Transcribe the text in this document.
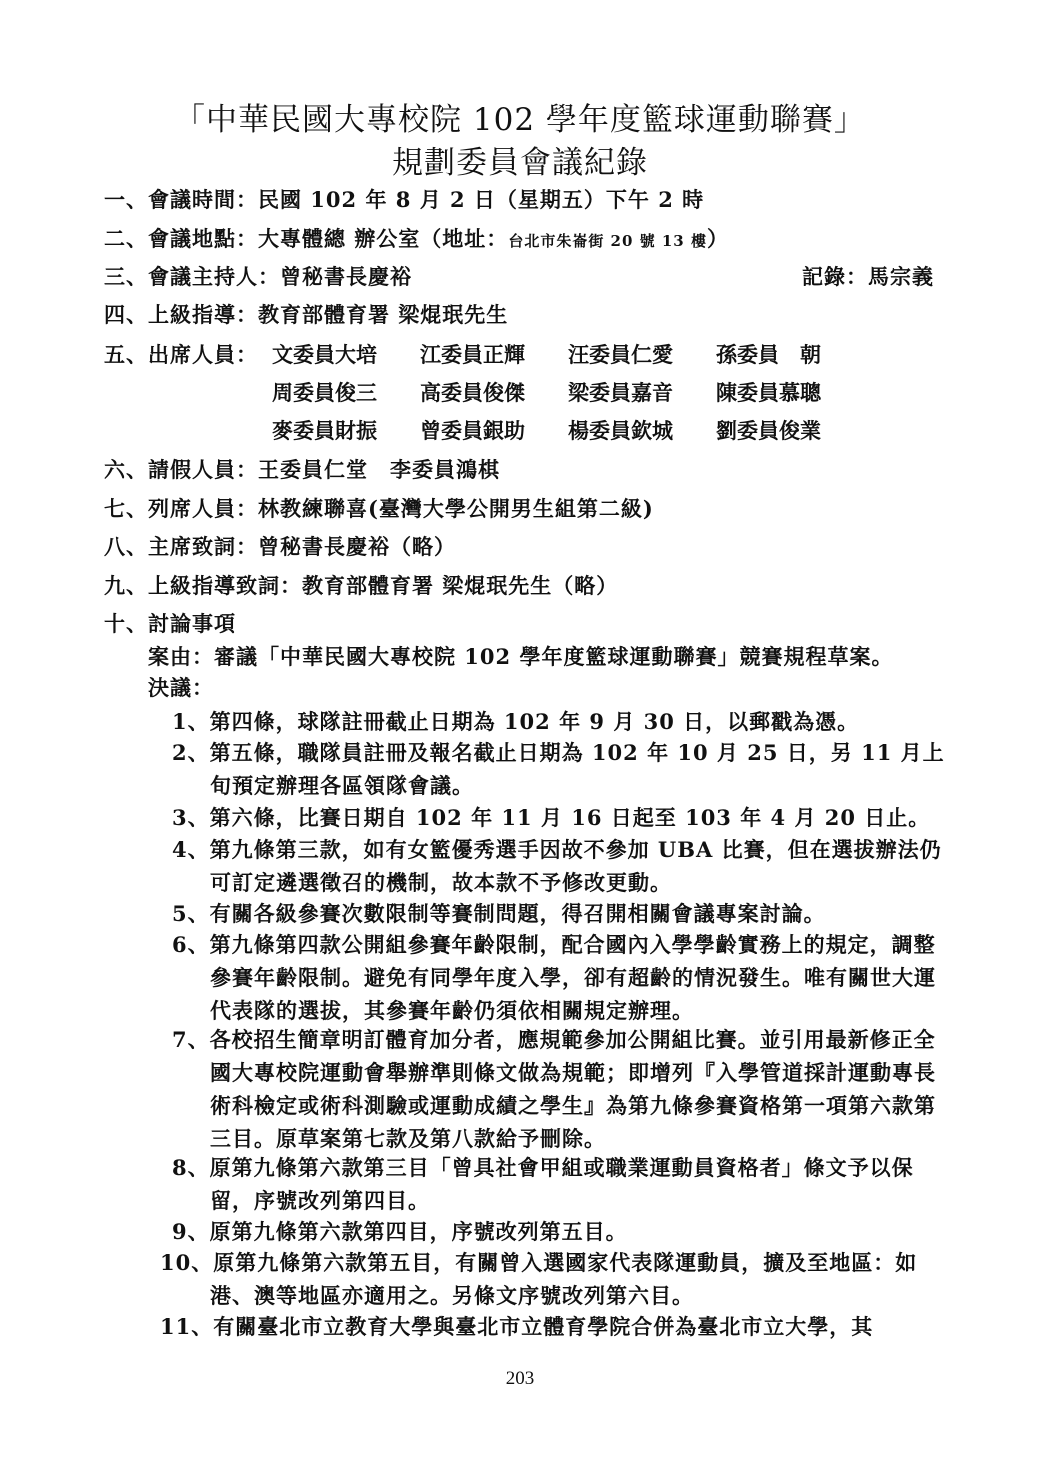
「中華民國大專校院 102 學年度籃球運動聯賽」
規劃委員會議紀錄
一、會議時間：民國 102 年 8 月 2 日（星期五）下午 2 時
二、會議地點：大專體總 辦公室（地址：台北市朱崙街 20 號 13 樓）
三、會議主持人：曾秘書長慶裕	記錄：馬宗義
四、上級指導：教育部體育署 梁焜珉先生
五、出席人員： 文委員大培 江委員正輝 汪委員仁愛 孫委員　朝
周委員俊三 高委員俊傑 梁委員嘉音 陳委員慕聰
麥委員財振 曾委員銀助 楊委員欽城 劉委員俊業
六、請假人員：王委員仁堂　李委員鴻棋
七、列席人員：林教練聯喜(臺灣大學公開男生組第二級)
八、主席致詞：曾秘書長慶裕（略）
九、上級指導致詞：教育部體育署 梁焜珉先生（略）
十、討論事項
案由：審議「中華民國大專校院 102 學年度籃球運動聯賽」競賽規程草案。
決議：
1、第四條，球隊註冊截止日期為 102 年 9 月 30 日，以郵戳為憑。
2、第五條，職隊員註冊及報名截止日期為 102 年 10 月 25 日，另 11 月上旬預定辦理各區領隊會議。
3、第六條，比賽日期自 102 年 11 月 16 日起至 103 年 4 月 20 日止。
4、第九條第三款，如有女籃優秀選手因故不參加 UBA 比賽，但在選拔辦法仍可訂定遴選徵召的機制，故本款不予修改更動。
5、有關各級參賽次數限制等賽制問題，得召開相關會議專案討論。
6、第九條第四款公開組參賽年齡限制，配合國內入學學齡實務上的規定，調整參賽年齡限制。避免有同學年度入學，卻有超齡的情況發生。唯有關世大運代表隊的選拔，其參賽年齡仍須依相關規定辦理。
7、各校招生簡章明訂體育加分者，應規範參加公開組比賽。並引用最新修正全國大專校院運動會舉辦準則條文做為規範；即增列『入學管道採計運動專長術科檢定或術科測驗或運動成績之學生』為第九條參賽資格第一項第六款第三目。原草案第七款及第八款給予刪除。
8、原第九條第六款第三目「曾具社會甲組或職業運動員資格者」條文予以保留，序號改列第四目。
9、原第九條第六款第四目，序號改列第五目。
10、原第九條第六款第五目，有關曾入選國家代表隊運動員，擴及至地區：如港、澳等地區亦適用之。另條文序號改列第六目。
11、有關臺北市立教育大學與臺北市立體育學院合併為臺北市立大學，其
203
